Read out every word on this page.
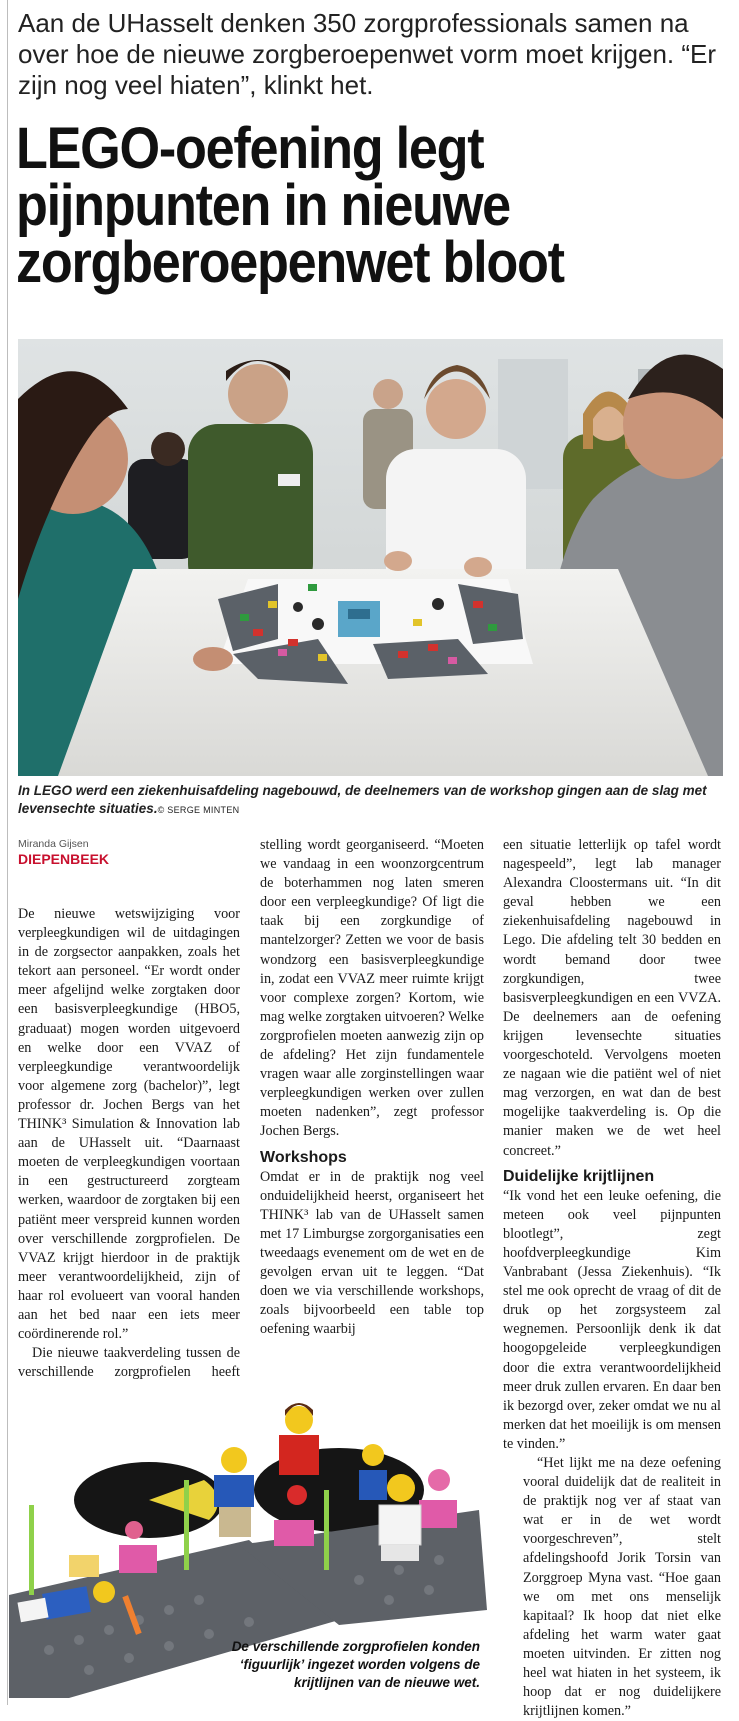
Aan de UHasselt denken 350 zorgprofessionals samen na over hoe de nieuwe zorgberoepenwet vorm moet krijgen. “Er zijn nog veel hiaten”, klinkt het.
LEGO-oefening legt pijnpunten in nieuwe zorgberoepenwet bloot
In LEGO werd een ziekenhuisafdeling nagebouwd, de deelnemers van de workshop gingen aan de slag met levensechte situaties.© SERGE MINTEN
Miranda Gijsen
DIEPENBEEK

De nieuwe wetswijziging voor verpleegkundigen wil de uitdagingen in de zorgsector aanpakken, zoals het tekort aan personeel. “Er wordt onder meer afgelijnd welke zorgtaken door een basisverpleegkundige (HBO5, graduaat) mogen worden uitgevoerd en welke door een VVAZ of verpleegkundige verantwoordelijk voor algemene zorg (bachelor)”, legt professor dr. Jochen Bergs van het THINK³ Simulation & Innovation lab aan de UHasselt uit. “Daarnaast moeten de verpleegkundigen voortaan in een gestructureerd zorgteam werken, waardoor de zorgtaken bij een patiënt meer verspreid kunnen worden over verschillende zorgprofielen. De VVAZ krijgt hierdoor in de praktijk meer verantwoordelijkheid, zijn of haar rol evolueert van vooral handen aan het bed naar een iets meer coördinerende rol.”

Die nieuwe taakverdeling tussen de verschillende zorgprofielen heeft

stelling wordt georganiseerd. “Moeten we vandaag in een woonzorgcentrum de boterhammen nog laten smeren door een verpleegkundige? Of ligt die taak bij een zorgkundige of mantelzorger? Zetten we voor de basis wondzorg een basisverpleegkundige in, zodat een VVAZ meer ruimte krijgt voor complexe zorgen? Kortom, wie mag welke zorgtaken uitvoeren? Welke zorgprofielen moeten aanwezig zijn op de afdeling? Het zijn fundamentele vragen waar alle zorginstellingen waar verpleegkundigen werken over zullen moeten nadenken”, zegt professor Jochen Bergs.

Workshops

Omdat er in de praktijk nog veel onduidelijkheid heerst, organiseert het THINK³ lab van de UHasselt samen met 17 Limburgse zorgorganisaties een tweedaags evenement om de wet en de gevolgen ervan uit te leggen. “Dat doen we via verschillende workshops, zoals bijvoorbeeld een table top oefening waarbij

een situatie letterlijk op tafel wordt nagespeeld”, legt lab manager Alexandra Cloostermans uit. “In dit geval hebben we een ziekenhuisafdeling nagebouwd in Lego. Die afdeling telt 30 bedden en wordt bemand door twee zorgkundigen, twee basisverpleegkundigen en een VVZA. De deelnemers aan de oefening krijgen levensechte situaties voorgeschoteld. Vervolgens moeten ze nagaan wie die patiënt wel of niet mag verzorgen, en wat dan de best mogelijke taakverdeling is. Op die manier maken we de wet heel concreet.”

Duidelijke krijtlijnen

“Ik vond het een leuke oefening, die meteen ook veel pijnpunten blootlegt”, zegt hoofdverpleegkundige Kim Vanbrabant (Jessa Ziekenhuis). “Ik stel me ook oprecht de vraag of dit de druk op het zorgsysteem zal wegnemen. Persoonlijk denk ik dat hoogopgeleide verpleegkundigen door die extra verantwoordelijkheid meer druk zullen ervaren. En daar ben ik bezorgd over, zeker omdat we nu al merken dat het moeilijk is om mensen te vinden.”

“Het lijkt me na deze oefening vooral duidelijk dat de realiteit in de praktijk nog ver af staat van wat er in de wet wordt voorgeschreven”, stelt afdelingshoofd Jorik Torsin van Zorggroep Myna vast. “Hoe gaan we om met ons menselijk kapitaal? Ik hoop dat niet elke afdeling het warm water gaat moeten uitvinden. Er zitten nog heel wat hiaten in het systeem, ik hoop dat er nog duidelijkere krijtlijnen komen.”

De verschillende zorgprofielen konden ‘figuurlijk’ ingezet worden volgens de krijtlijnen van de nieuwe wet.
